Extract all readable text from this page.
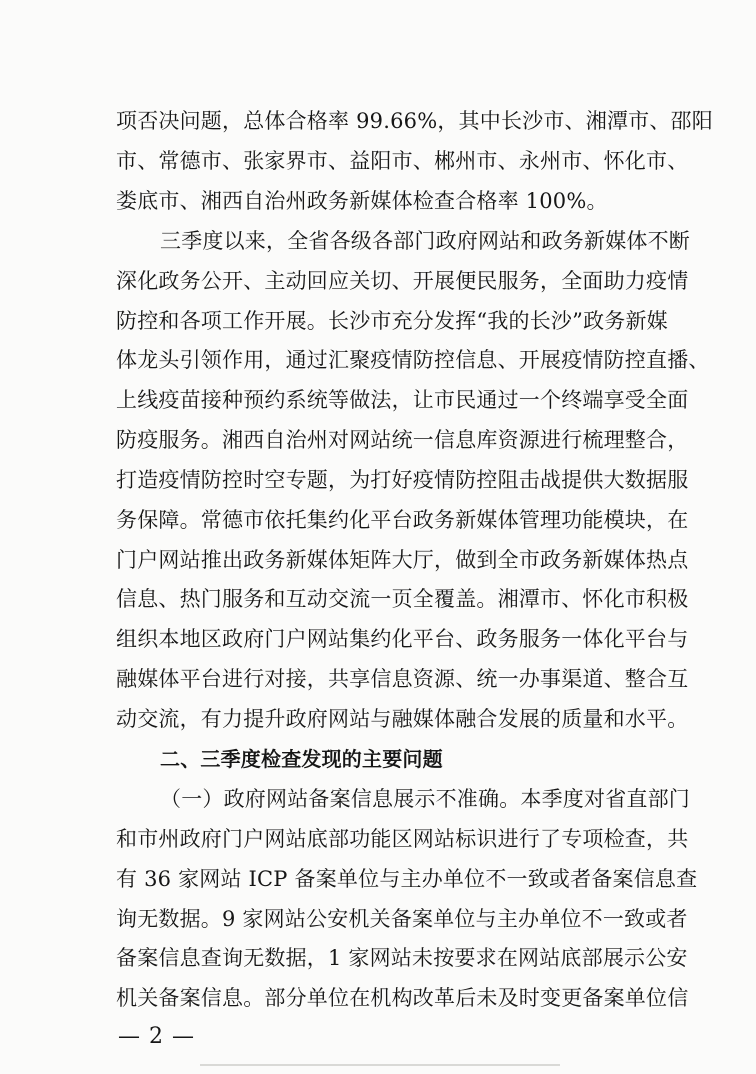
项否决问题，总体合格率 99.66%，其中长沙市、湘潭市、邵阳
市、常德市、张家界市、益阳市、郴州市、永州市、怀化市、
娄底市、湘西自治州政务新媒体检查合格率 100%。
三季度以来，全省各级各部门政府网站和政务新媒体不断
深化政务公开、主动回应关切、开展便民服务，全面助力疫情
防控和各项工作开展。长沙市充分发挥“我的长沙”政务新媒
体龙头引领作用，通过汇聚疫情防控信息、开展疫情防控直播、
上线疫苗接种预约系统等做法，让市民通过一个终端享受全面
防疫服务。湘西自治州对网站统一信息库资源进行梳理整合，
打造疫情防控时空专题，为打好疫情防控阻击战提供大数据服
务保障。常德市依托集约化平台政务新媒体管理功能模块，在
门户网站推出政务新媒体矩阵大厅，做到全市政务新媒体热点
信息、热门服务和互动交流一页全覆盖。湘潭市、怀化市积极
组织本地区政府门户网站集约化平台、政务服务一体化平台与
融媒体平台进行对接，共享信息资源、统一办事渠道、整合互
动交流，有力提升政府网站与融媒体融合发展的质量和水平。
二、三季度检查发现的主要问题
（一）政府网站备案信息展示不准确。本季度对省直部门
和市州政府门户网站底部功能区网站标识进行了专项检查，共
有 36 家网站 ICP 备案单位与主办单位不一致或者备案信息查
询无数据。9 家网站公安机关备案单位与主办单位不一致或者
备案信息查询无数据，1 家网站未按要求在网站底部展示公安
机关备案信息。部分单位在机构改革后未及时变更备案单位信
— 2 —
